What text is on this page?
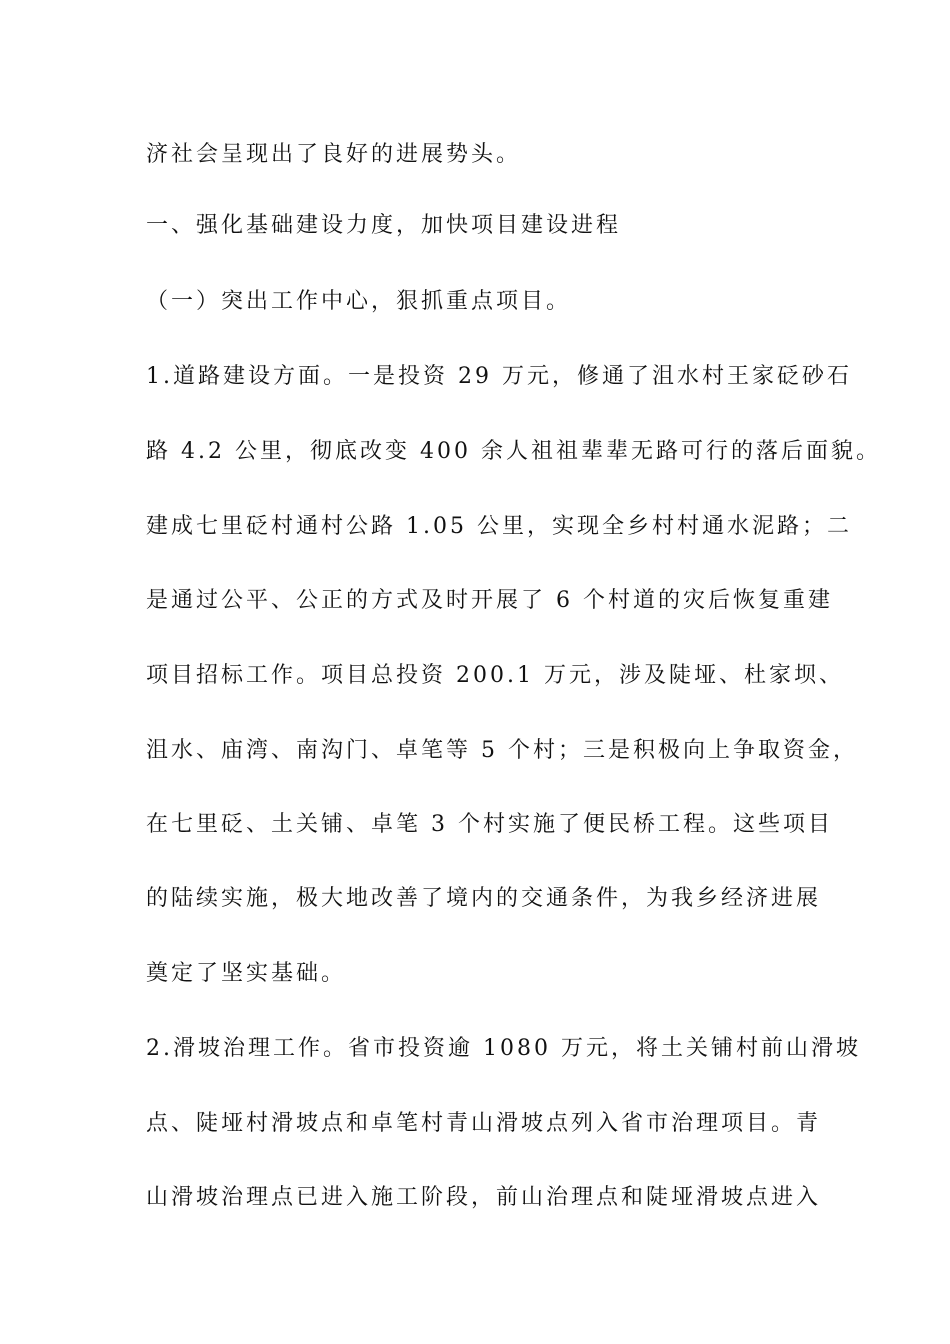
济社会呈现出了良好的进展势头。
一、强化基础建设力度，加快项目建设进程
（一）突出工作中心，狠抓重点项目。
1.道路建设方面。一是投资 29 万元，修通了沮水村王家砭砂石
路 4.2 公里，彻底改变 400 余人祖祖辈辈无路可行的落后面貌。
建成七里砭村通村公路 1.05 公里，实现全乡村村通水泥路；二
是通过公平、公正的方式及时开展了 6 个村道的灾后恢复重建
项目招标工作。项目总投资 200.1 万元，涉及陡垭、杜家坝、
沮水、庙湾、南沟门、卓笔等 5 个村；三是积极向上争取资金，
在七里砭、土关铺、卓笔 3 个村实施了便民桥工程。这些项目
的陆续实施，极大地改善了境内的交通条件，为我乡经济进展
奠定了坚实基础。
2.滑坡治理工作。省市投资逾 1080 万元，将土关铺村前山滑坡
点、陡垭村滑坡点和卓笔村青山滑坡点列入省市治理项目。青
山滑坡治理点已进入施工阶段，前山治理点和陡垭滑坡点进入
